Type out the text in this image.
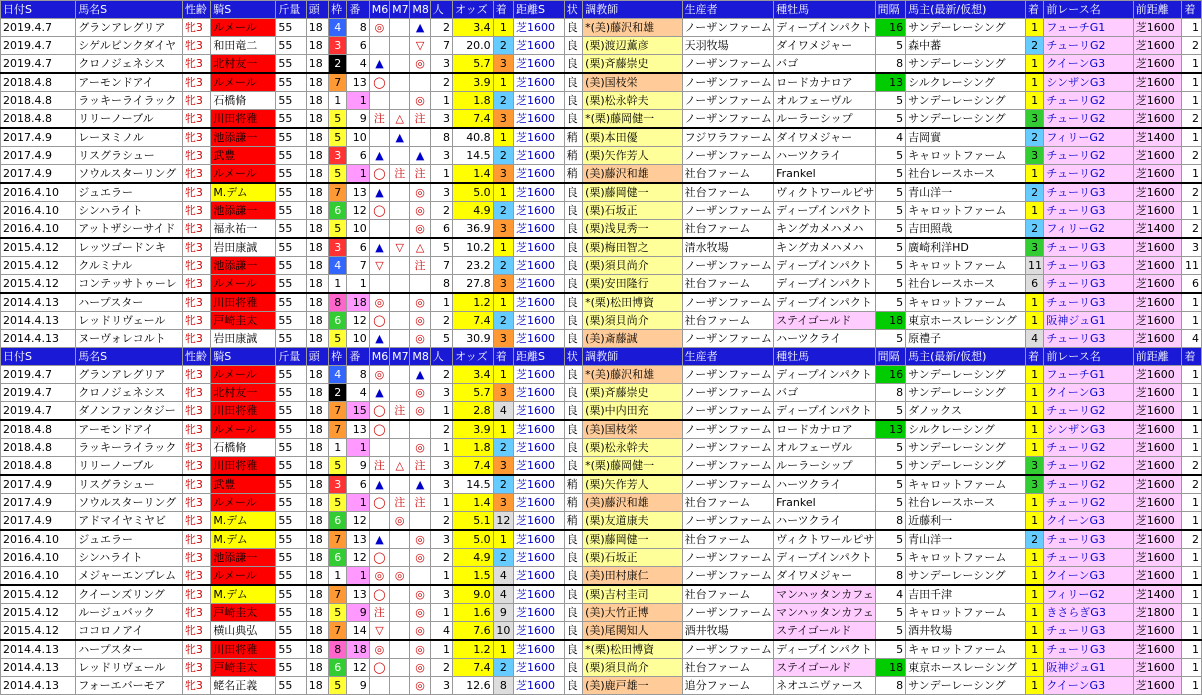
日付S	馬名S	性齢	騎S	斤量	頭	枠	番	M6	M7	M8	人	オッズ	着	距離S	状	調教師	生産者	種牡馬	間隔	馬主(最新/仮想)	着	前レース名	前距離	着
2019.4.7	グランアレグリア	牝3	ルメール	55	18	4	8	◎		▲	2	3.4	1	芝1600	良	*(美)藤沢和雄	ノーザンファーム	ディープインパクト	16	サンデーレーシング	1	フューチG1	芝1600	1
2019.4.7	シゲルピンクダイヤ	牝3	和田竜二	55	18	3	6			▽	7	20.0	2	芝1600	良	(栗)渡辺薫彦	天羽牧場	ダイワメジャー	5	森中蕃	2	チューリG2	芝1600	2
2019.4.7	クロノジェネシス	牝3	北村友一	55	18	2	4	▲		◎	3	5.7	3	芝1600	良	(栗)斉藤崇史	ノーザンファーム	バゴ	8	サンデーレーシング	1	クイーンG3	芝1600	1
2018.4.8	アーモンドアイ	牝3	ルメール	55	18	7	13	◯			2	3.9	1	芝1600	良	(美)国枝栄	ノーザンファーム	ロードカナロア	13	シルクレーシング	1	シンザンG3	芝1600	1
2018.4.8	ラッキーライラック	牝3	石橋脩	55	18	1	1			◎	1	1.8	2	芝1600	良	(栗)松永幹夫	ノーザンファーム	オルフェーヴル	5	サンデーレーシング	1	チューリG2	芝1600	1
2018.4.8	リリーノーブル	牝3	川田将雅	55	18	5	9	注	△	注	3	7.4	3	芝1600	良	*(栗)藤岡健一	ノーザンファーム	ルーラーシップ	5	サンデーレーシング	3	チューリG2	芝1600	2
2017.4.9	レーヌミノル	牝3	池添謙一	55	18	5	10		▲		8	40.8	1	芝1600	稍	(栗)本田優	フジワラファーム	ダイワメジャー	4	吉岡實	2	フィリーG2	芝1400	1
2017.4.9	リスグラシュー	牝3	武豊	55	18	3	6	▲		▲	3	14.5	2	芝1600	稍	(栗)矢作芳人	ノーザンファーム	ハーツクライ	5	キャロットファーム	3	チューリG2	芝1600	2
2017.4.9	ソウルスターリング	牝3	ルメール	55	18	5	1	◯	注	注	1	1.4	3	芝1600	稍	(美)藤沢和雄	社台ファーム	Frankel	5	社台レースホース	1	チューリG2	芝1600	1
2016.4.10	ジュエラー	牝3	M.デム	55	18	7	13	▲		◎	3	5.0	1	芝1600	良	(栗)藤岡健一	社台ファーム	ヴィクトワールピサ	5	青山洋一	2	チューリG3	芝1600	2
2016.4.10	シンハライト	牝3	池添謙一	55	18	6	12	◯		◎	2	4.9	2	芝1600	良	(栗)石坂正	ノーザンファーム	ディープインパクト	5	キャロットファーム	1	チューリG3	芝1600	1
2016.4.10	アットザシーサイド	牝3	福永祐一	55	18	5	10			◎	6	36.9	3	芝1600	良	(栗)浅見秀一	社台ファーム	キングカメハメハ	5	吉田照哉	2	フィリーG2	芝1400	2
2015.4.12	レッツゴードンキ	牝3	岩田康誠	55	18	3	6	▲	▽	△	5	10.2	1	芝1600	良	(栗)梅田智之	清水牧場	キングカメハメハ	5	廣崎利洋HD	3	チューリG3	芝1600	3
2015.4.12	クルミナル	牝3	池添謙一	55	18	4	7	▽		注	7	23.2	2	芝1600	良	(栗)須貝尚介	ノーザンファーム	ディープインパクト	5	キャロットファーム	11	チューリG3	芝1600	11
2015.4.12	コンテッサトゥーレ	牝3	ルメール	55	18	1	1				8	27.8	3	芝1600	良	(栗)安田隆行	社台ファーム	ディープインパクト	5	社台レースホース	6	チューリG3	芝1600	6
2014.4.13	ハープスター	牝3	川田将雅	55	18	8	18	◎		◎	1	1.2	1	芝1600	良	*(栗)松田博資	ノーザンファーム	ディープインパクト	5	キャロットファーム	1	チューリG3	芝1600	1
2014.4.13	レッドリヴェール	牝3	戸崎圭太	55	18	6	12	◯		◎	2	7.4	2	芝1600	良	(栗)須貝尚介	社台ファーム	ステイゴールド	18	東京ホースレーシング	1	阪神ジュG1	芝1600	1
2014.4.13	ヌーヴォレコルト	牝3	岩田康誠	55	18	5	10	▲		◎	5	30.9	3	芝1600	良	(美)斎藤誠	ノーザンファーム	ハーツクライ	5	原禮子	4	チューリG3	芝1600	4
日付S	馬名S	性齢	騎S	斤量	頭	枠	番	M6	M7	M8	人	オッズ	着	距離S	状	調教師	生産者	種牡馬	間隔	馬主(最新/仮想)	着	前レース名	前距離	着
2019.4.7	グランアレグリア	牝3	ルメール	55	18	4	8	◎		▲	2	3.4	1	芝1600	良	*(美)藤沢和雄	ノーザンファーム	ディープインパクト	16	サンデーレーシング	1	フューチG1	芝1600	1
2019.4.7	クロノジェネシス	牝3	北村友一	55	18	2	4	▲		◎	3	5.7	3	芝1600	良	(栗)斉藤崇史	ノーザンファーム	バゴ	8	サンデーレーシング	1	クイーンG3	芝1600	1
2019.4.7	ダノンファンタジー	牝3	川田将雅	55	18	7	15	◯	注	◎	1	2.8	4	芝1600	良	(栗)中内田充	ノーザンファーム	ディープインパクト	5	ダノックス	1	チューリG2	芝1600	1
2018.4.8	アーモンドアイ	牝3	ルメール	55	18	7	13	◯			2	3.9	1	芝1600	良	(美)国枝栄	ノーザンファーム	ロードカナロア	13	シルクレーシング	1	シンザンG3	芝1600	1
2018.4.8	ラッキーライラック	牝3	石橋脩	55	18	1	1			◎	1	1.8	2	芝1600	良	(栗)松永幹夫	ノーザンファーム	オルフェーヴル	5	サンデーレーシング	1	チューリG2	芝1600	1
2018.4.8	リリーノーブル	牝3	川田将雅	55	18	5	9	注	△	注	3	7.4	3	芝1600	良	*(栗)藤岡健一	ノーザンファーム	ルーラーシップ	5	サンデーレーシング	3	チューリG2	芝1600	2
2017.4.9	リスグラシュー	牝3	武豊	55	18	3	6	▲		▲	3	14.5	2	芝1600	稍	(栗)矢作芳人	ノーザンファーム	ハーツクライ	5	キャロットファーム	3	チューリG2	芝1600	2
2017.4.9	ソウルスターリング	牝3	ルメール	55	18	5	1	◯	注	注	1	1.4	3	芝1600	稍	(美)藤沢和雄	社台ファーム	Frankel	5	社台レースホース	1	チューリG2	芝1600	1
2017.4.9	アドマイヤミヤビ	牝3	M.デム	55	18	6	12		◎		2	5.1	12	芝1600	稍	(栗)友道康夫	ノーザンファーム	ハーツクライ	8	近藤利一	1	クイーンG3	芝1600	1
2016.4.10	ジュエラー	牝3	M.デム	55	18	7	13	▲		◎	3	5.0	1	芝1600	良	(栗)藤岡健一	社台ファーム	ヴィクトワールピサ	5	青山洋一	2	チューリG3	芝1600	2
2016.4.10	シンハライト	牝3	池添謙一	55	18	6	12	◯		◎	2	4.9	2	芝1600	良	(栗)石坂正	ノーザンファーム	ディープインパクト	5	キャロットファーム	1	チューリG3	芝1600	1
2016.4.10	メジャーエンブレム	牝3	ルメール	55	18	1	1	◎	◎		1	1.5	4	芝1600	良	(美)田村康仁	ノーザンファーム	ダイワメジャー	8	サンデーレーシング	1	クイーンG3	芝1600	1
2015.4.12	クイーンズリング	牝3	M.デム	55	18	7	13	◯		◎	3	9.0	4	芝1600	良	(栗)吉村圭司	社台ファーム	マンハッタンカフェ	4	吉田千津	1	フィリーG2	芝1400	1
2015.4.12	ルージュバック	牝3	戸崎圭太	55	18	5	9	注		◎	1	1.6	9	芝1600	良	(美)大竹正博	ノーザンファーム	マンハッタンカフェ	5	キャロットファーム	1	きさらぎG3	芝1800	1
2015.4.12	ココロノアイ	牝3	横山典弘	55	18	7	14	▽		◎	4	7.6	10	芝1600	良	(美)尾関知人	酒井牧場	ステイゴールド	5	酒井牧場	1	チューリG3	芝1600	1
2014.4.13	ハープスター	牝3	川田将雅	55	18	8	18	◎		◎	1	1.2	1	芝1600	良	*(栗)松田博資	ノーザンファーム	ディープインパクト	5	キャロットファーム	1	チューリG3	芝1600	1
2014.4.13	レッドリヴェール	牝3	戸崎圭太	55	18	6	12	◯		◎	2	7.4	2	芝1600	良	(栗)須貝尚介	社台ファーム	ステイゴールド	18	東京ホースレーシング	1	阪神ジュG1	芝1600	1
2014.4.13	フォーエバーモア	牝3	蛯名正義	55	18	5	9			◎	3	12.6	8	芝1600	良	(美)鹿戸雄一	追分ファーム	ネオユニヴァース	8	サンデーレーシング	1	クイーンG3	芝1600	1
